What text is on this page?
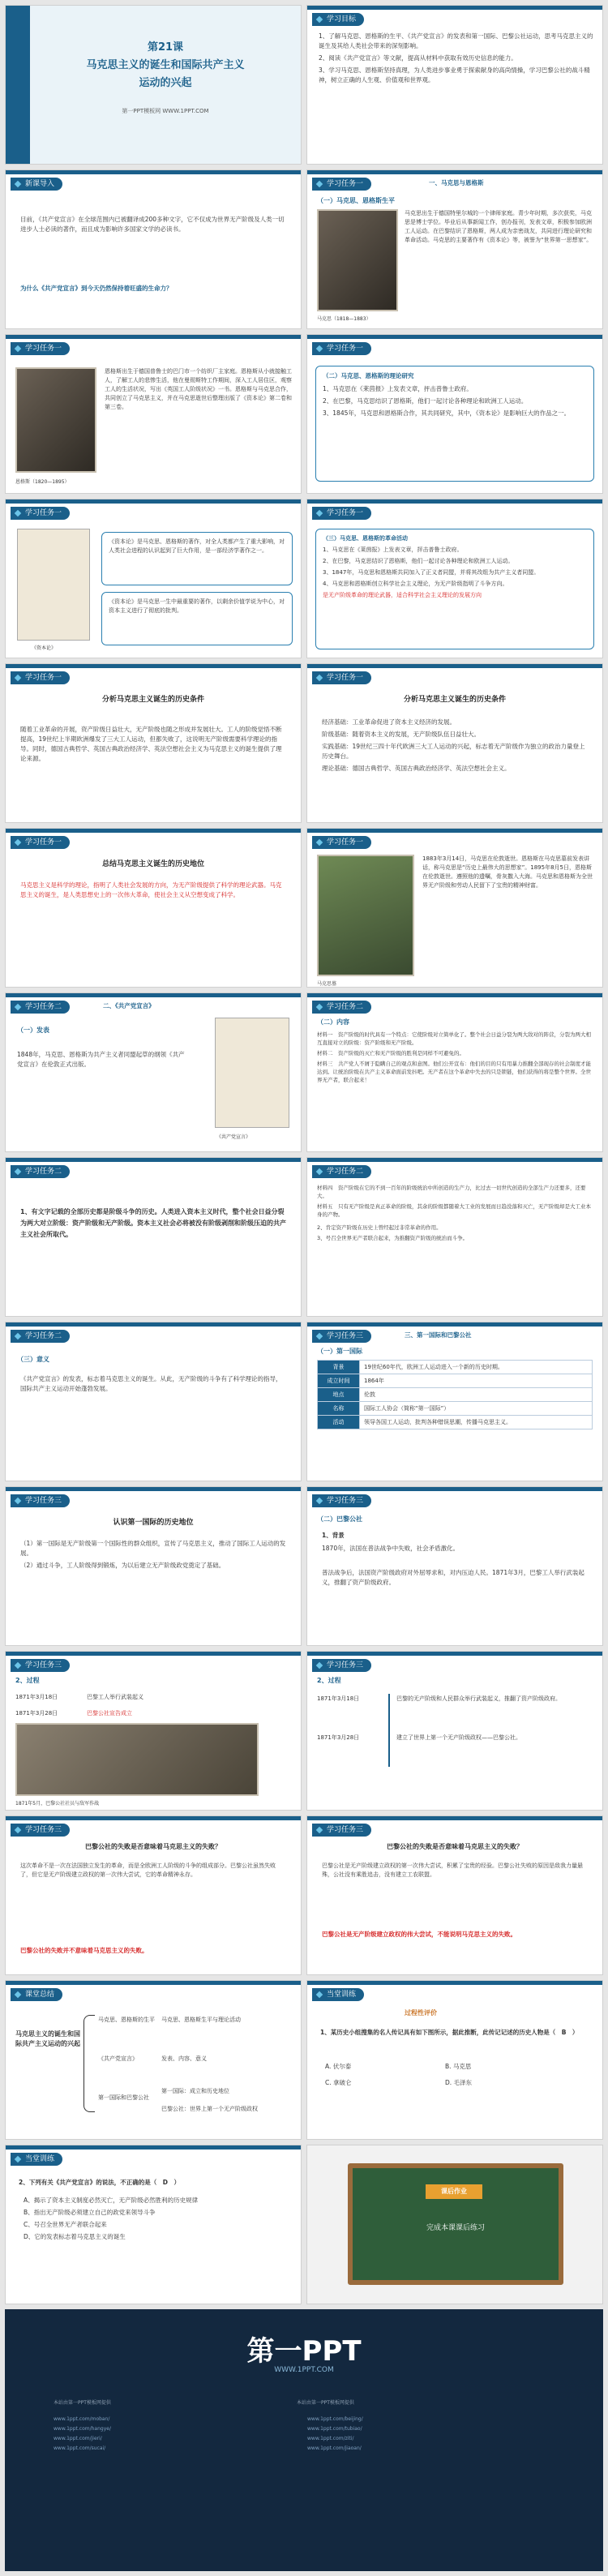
第21课
马克思主义的诞生和国际共产主义
运动的兴起
第一PPT模板网 WWW.1PPT.COM
学习目标

1、了解马克思、恩格斯的生平、《共产党宣言》的发表和第一国际、巴黎公社运动，思考马克思主义的诞生及其给人类社会带来的深刻影响。

2、阅读《共产党宣言》等文献，提高从材料中获取有效历史信息的能力。

3、学习马克思、恩格斯坚持真理，为人类进步事业勇于探索献身的高尚情操，学习巴黎公社的战斗精神，树立正确的人生观、价值观和世界观。

新课导入
目前，《共产党宣言》在全球范围内已被翻译成200多种文字，它不仅成为世界无产阶级及人类一切进步人士必读的著作，而且成为影响许多国家文学的必读书。
为什么《共产党宣言》到今天仍然保持着旺盛的生命力？
学习任务一	一、马克思与恩格斯
（一）马克思、恩格斯生平
马克思（1818—1883）
马克思出生于德国特里尔城的一个律师家庭。青少年时期，多次获奖，马克思是博士学位。毕业后从事新闻工作，创办报刊，发表文章，积极参加欧洲工人运动。在巴黎结识了恩格斯，两人成为亲密战友，共同进行理论研究和革命活动。马克思的主要著作有《资本论》等，被誉为“世界第一思想家”。
学习任务一
恩格斯（1820—1895）
恩格斯出生于德国普鲁士的巴门市一个纺织厂主家庭。恩格斯从小就接触工人，了解工人的悲惨生活，他在曼彻斯特工作期间，深入工人居住区，观察工人的生活状况，写出《英国工人阶级状况》一书。恩格斯与马克思合作，共同创立了马克思主义，并在马克思逝世后整理出版了《资本论》第二卷和第三卷。
学习任务一
（二）马克思、恩格斯的理论研究

1、马克思在《莱茵报》上发表文章，抨击普鲁士政府。

2、在巴黎，马克思结识了恩格斯，他们一起讨论各种理论和欧洲工人运动。

3、1845年，马克思和恩格斯合作，其共同研究，其中，《资本论》是影响巨大的作品之一。

学习任务一
《资本论》
《资本论》是马克思、恩格斯的著作，对全人类都产生了重大影响，对人类社会进程的认识起到了巨大作用，是一部经济学著作之一。
《资本论》是马克思一生中最重要的著作，以剩余价值学说为中心，对资本主义进行了彻底的批判。
学习任务一
（三）马克思、恩格斯的革命活动

1、马克思在《莱茵报》上发表文章，抨击普鲁士政府。

2、在巴黎，马克思结识了恩格斯，他们一起讨论各种理论和欧洲工人运动。

3、1847年，马克思和恩格斯共同加入了正义者同盟，并将其改组为共产主义者同盟。

4、马克思和恩格斯创立科学社会主义理论，为无产阶级指明了斗争方向。

是无产阶级革命的理论武器，适合科学社会主义理论的发展方向

学习任务一
分析马克思主义诞生的历史条件
随着工业革命的开展，资产阶级日益壮大，无产阶级也随之形成并发展壮大。工人的阶级觉悟不断提高，19世纪上半期欧洲爆发了三大工人运动，但都失败了，这说明无产阶级需要科学理论的指导。同时，德国古典哲学、英国古典政治经济学、英法空想社会主义为马克思主义的诞生提供了理论来源。
学习任务一
分析马克思主义诞生的历史条件

经济基础：工业革命促进了资本主义经济的发展。

阶级基础：随着资本主义的发展，无产阶级队伍日益壮大。

实践基础：19世纪三四十年代欧洲三大工人运动的兴起，标志着无产阶级作为独立的政治力量登上历史舞台。

理论基础：德国古典哲学、英国古典政治经济学、英法空想社会主义。

学习任务一
总结马克思主义诞生的历史地位
马克思主义是科学的理论，指明了人类社会发展的方向，为无产阶级提供了科学的理论武器。马克思主义的诞生，是人类思想史上的一次伟大革命，使社会主义从空想变成了科学。
学习任务一
马克思墓
1883年3月14日，马克思在伦敦逝世。恩格斯在马克思墓前发表讲话，称马克思是“历史上最伟大的思想家”。1895年8月5日，恩格斯在伦敦逝世。遵照他的遗嘱，骨灰撒入大海。马克思和恩格斯为全世界无产阶级和劳动人民留下了宝贵的精神财富。
学习任务二	二、《共产党宣言》
（一）发表
1848年，马克思、恩格斯为共产主义者同盟起草的纲领《共产党宣言》在伦敦正式出版。
《共产党宣言》
学习任务二
（二）内容

材料一　资产阶级的时代具有一个特点：它使阶级对立简单化了。整个社会日益分裂为两大敌对的阵营，分裂为两大相互直接对立的阶级：资产阶级和无产阶级。

材料二　资产阶级的灭亡和无产阶级的胜利是同样不可避免的。

材料三　共产党人不屑于隐瞒自己的观点和意图。他们公开宣布：他们的目的只有用暴力推翻全部现存的社会制度才能达到。让统治阶级在共产主义革命面前发抖吧。无产者在这个革命中失去的只是锁链，他们获得的将是整个世界。全世界无产者，联合起来！

学习任务二
1、有文字记载的全部历史都是阶级斗争的历史。人类进入资本主义时代，整个社会日益分裂为两大对立阶级：资产阶级和无产阶级。资本主义社会必将被没有阶级剥削和阶级压迫的共产主义社会所取代。
学习任务二

材料四　资产阶级在它的不到一百年的阶级统治中所创造的生产力，比过去一切世代创造的全部生产力还要多，还要大。

材料五　只有无产阶级是真正革命的阶级，其余的阶级都随着大工业的发展而日趋没落和灭亡，无产阶级却是大工业本身的产物。

2、肯定资产阶级在历史上曾经起过非常革命的作用。

3、号召全世界无产者联合起来，为推翻资产阶级的统治而斗争。

学习任务二
（三）意义
《共产党宣言》的发表，标志着马克思主义的诞生。从此，无产阶级的斗争有了科学理论的指导，国际共产主义运动开始蓬勃发展。
学习任务三	三、第一国际和巴黎公社
（一）第一国际
背景	19世纪60年代，欧洲工人运动进入一个新的历史时期。
成立时间	1864年
地点	伦敦
名称	国际工人协会（简称“第一国际”）
活动	领导各国工人运动，批判各种错误思潮，传播马克思主义。
学习任务三
认识第一国际的历史地位

（1）第一国际是无产阶级第一个国际性的群众组织，宣传了马克思主义，推动了国际工人运动的发展。

（2）通过斗争，工人阶级得到锻炼，为以后建立无产阶级政党奠定了基础。

学习任务三
（二）巴黎公社
1、背景
1870年，法国在普法战争中失败，社会矛盾激化。
普法战争后，法国资产阶级政府对外屈辱求和，对内压迫人民。1871年3月，巴黎工人举行武装起义，推翻了资产阶级政府。
学习任务三
2、过程
1871年3月18日	巴黎工人举行武装起义
1871年3月28日	巴黎公社宣告成立
1871年5月，巴黎公社社员与敌军作战
学习任务三
2、过程
1871年3月18日	巴黎的无产阶级和人民群众举行武装起义，推翻了资产阶级政府。
1871年3月28日	建立了世界上第一个无产阶级政权——巴黎公社。
学习任务三
巴黎公社的失败是否意味着马克思主义的失败？
这次革命不是一次在法国独立发生的革命，而是全欧洲工人阶级的斗争的组成部分。巴黎公社虽然失败了，但它是无产阶级建立政权的第一次伟大尝试，它的革命精神永存。
巴黎公社的失败并不意味着马克思主义的失败。
学习任务三
巴黎公社的失败是否意味着马克思主义的失败？
巴黎公社是无产阶级建立政权的第一次伟大尝试，积累了宝贵的经验。巴黎公社失败的原因是敌我力量悬殊，公社没有乘胜追击，没有建立工农联盟。
巴黎公社是无产阶级建立政权的伟大尝试，不能说明马克思主义的失败。
课堂总结
马克思主义的诞生和国际共产主义运动的兴起
马克思、恩格斯的生平
《共产党宣言》
第一国际和巴黎公社
马克思、恩格斯生平与理论活动
发表、内容、意义
第一国际：成立和历史地位
巴黎公社：世界上第一个无产阶级政权
当堂训练
过程性评价
1、某历史小组搜集的名人传记具有如下图所示，据此推断，此传记记述的历史人物是（　B　）
A. 伏尔泰	B. 马克思
C. 拿破仑	D. 毛泽东
当堂训练
2、下列有关《共产党宣言》的说法，不正确的是（　D　）

A、揭示了资本主义制度必然灭亡，无产阶级必然胜利的历史规律

B、指出无产阶级必须建立自己的政党来领导斗争

C、号召全世界无产者联合起来

D、它的发表标志着马克思主义的诞生

课后作业
完成本课课后练习
第一PPT
WWW.1PPT.COM
本站由第一PPT模板网提供	本站由第一PPT模板网提供
www.1ppt.com/moban/
www.1ppt.com/hangye/
www.1ppt.com/jieri/
www.1ppt.com/sucai/
www.1ppt.com/beijing/
www.1ppt.com/tubiao/
www.1ppt.com/ziti/
www.1ppt.com/jiaoan/
